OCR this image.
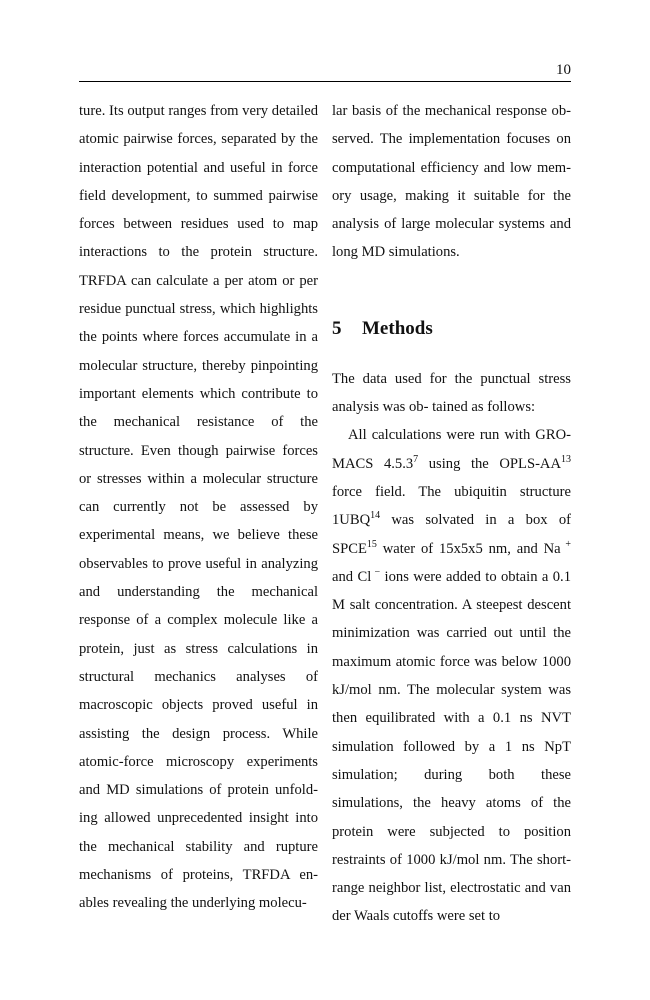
10

ture. Its output ranges from very detailed atomic pairwise forces, separated by the interaction potential and useful in force field development, to summed pairwise forces between residues used to map interactions to the protein structure. TRFDA can calculate a per atom or per residue punctual stress, which highlights the points where forces accumulate in a molecular structure, thereby pinpointing important elements which contribute to the mechanical resistance of the structure. Even though pairwise forces or stresses within a molecular structure can currently not be assessed by experimental means, we believe these observables to prove useful in analyzing and understanding the mechanical response of a complex molecule like a protein, just as stress calculations in structural mechanics analyses of macroscopic objects proved useful in assisting the design process. While atomic-force microscopy experiments and MD simulations of protein unfolding allowed unprecedented insight into the mechanical stability and rupture mechanisms of proteins, TRFDA enables revealing the underlying molecu-

lar basis of the mechanical response observed. The implementation focuses on computational efficiency and low memory usage, making it suitable for the analysis of large molecular systems and long MD simulations.

5 Methods

The data used for the punctual stress analysis was ob- tained as follows:

All calculations were run with GROMACS 4.5.3$^7$ using the OPLS-AA$^{13}$ force field. The ubiquitin structure 1UBQ$^{14}$ was solvated in a box of SPCE$^{15}$ water of 15x5x5 nm, and Na + and Cl − ions were added to obtain a 0.1 M salt concentration. A steepest descent minimization was carried out until the maximum atomic force was below 1000 kJ/mol nm. The molecular system was then equilibrated with a 0.1 ns NVT simulation followed by a 1 ns NpT simulation; during both these simulations, the heavy atoms of the protein were subjected to position restraints of 1000 kJ/mol nm. The short-range neighbor list, electrostatic and van der Waals cutoffs were set to
